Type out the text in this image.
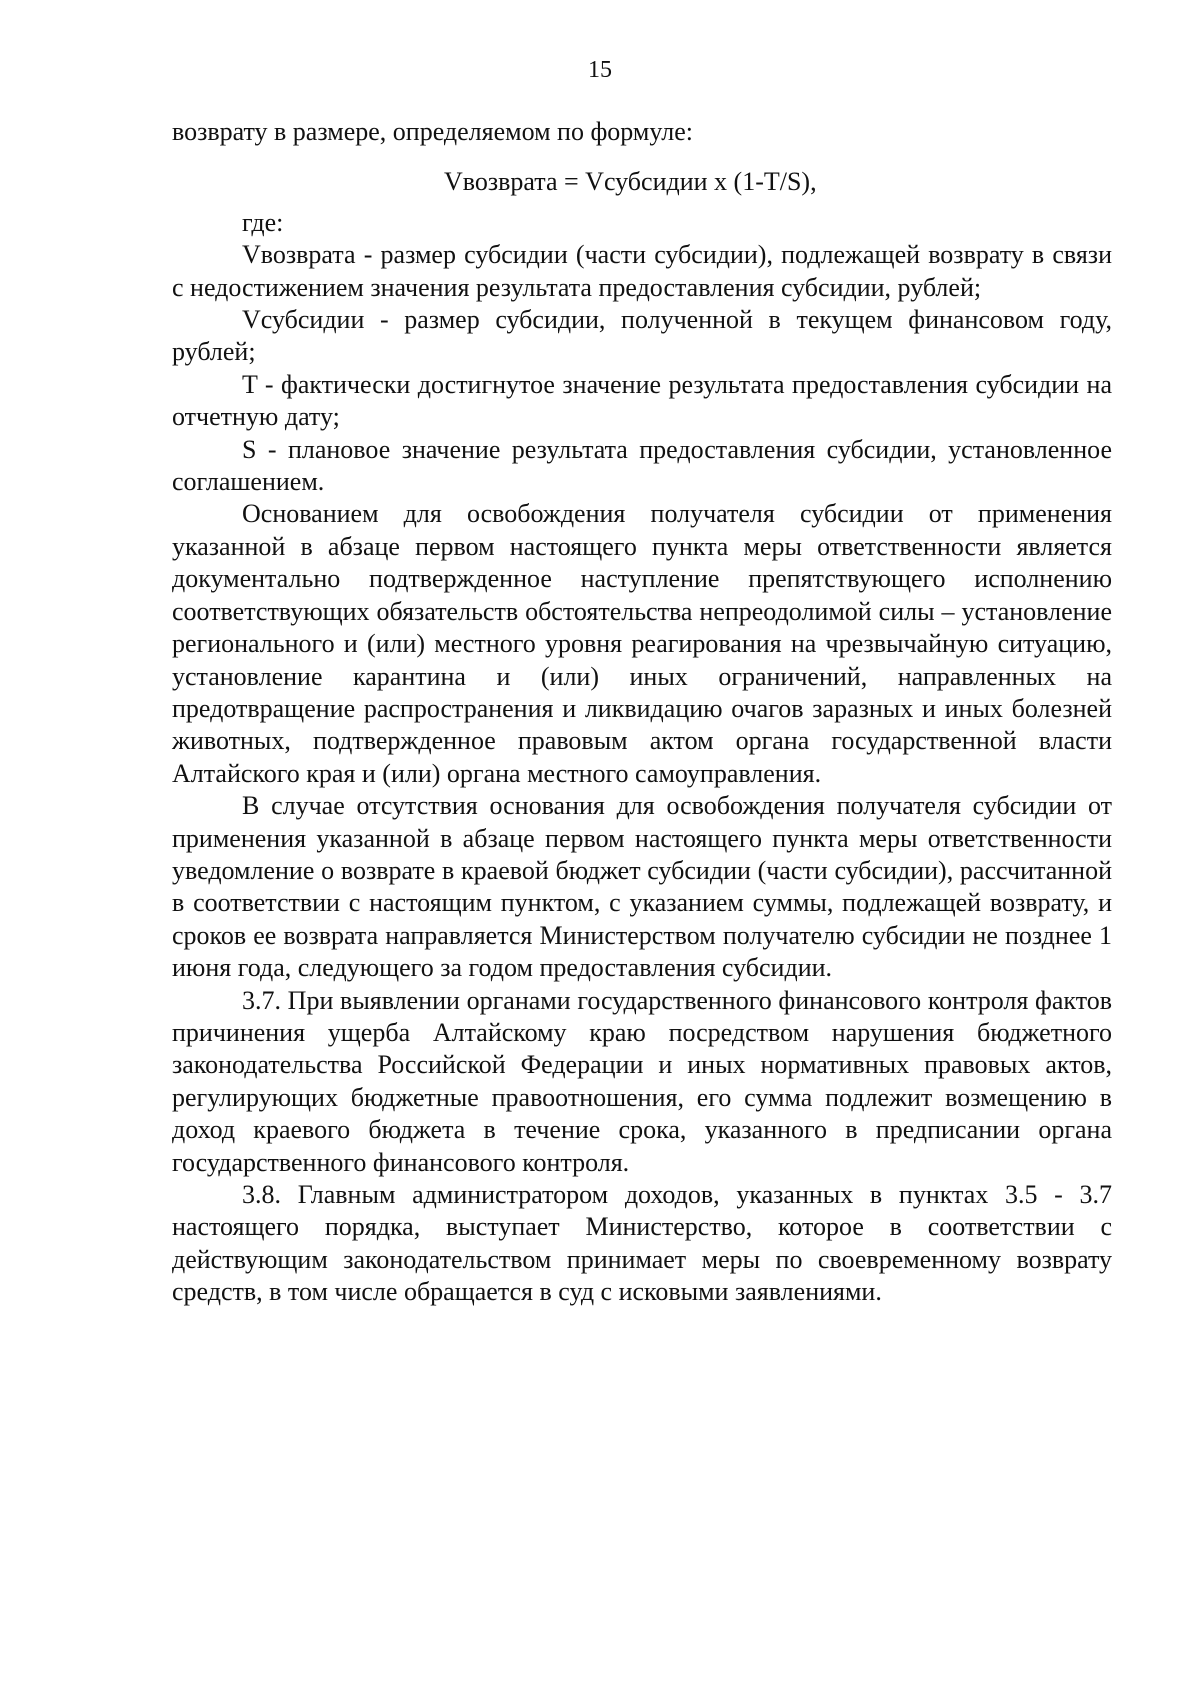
15

возврату в размере, определяемом по формуле:

Vвозврата = Vсубсидии x (1-T/S),

где:

Vвозврата - размер субсидии (части субсидии), подлежащей возврату в связи с недостижением значения результата предоставления субсидии, рублей;

Vсубсидии - размер субсидии, полученной в текущем финансовом году, рублей;

T - фактически достигнутое значение результата предоставления субсидии на отчетную дату;

S - плановое значение результата предоставления субсидии, установленное соглашением.

Основанием для освобождения получателя субсидии от применения указанной в абзаце первом настоящего пункта меры ответственности является документально подтвержденное наступление препятствующего исполнению соответствующих обязательств обстоятельства непреодолимой силы – установление регионального и (или) местного уровня реагирования на чрезвычайную ситуацию, установление карантина и (или) иных ограничений, направленных на предотвращение распространения и ликвидацию очагов заразных и иных болезней животных, подтвержденное правовым актом органа государственной власти Алтайского края и (или) органа местного самоуправления.

В случае отсутствия основания для освобождения получателя субсидии от применения указанной в абзаце первом настоящего пункта меры ответственности уведомление о возврате в краевой бюджет субсидии (части субсидии), рассчитанной в соответствии с настоящим пунктом, с указанием суммы, подлежащей возврату, и сроков ее возврата направляется Министерством получателю субсидии не позднее 1 июня года, следующего за годом предоставления субсидии.

3.7. При выявлении органами государственного финансового контроля фактов причинения ущерба Алтайскому краю посредством нарушения бюджетного законодательства Российской Федерации и иных нормативных правовых актов, регулирующих бюджетные правоотношения, его сумма подлежит возмещению в доход краевого бюджета в течение срока, указанного в предписании органа государственного финансового контроля.

3.8. Главным администратором доходов, указанных в пунктах 3.5 - 3.7 настоящего порядка, выступает Министерство, которое в соответствии с действующим законодательством принимает меры по своевременному возврату средств, в том числе обращается в суд с исковыми заявлениями.
